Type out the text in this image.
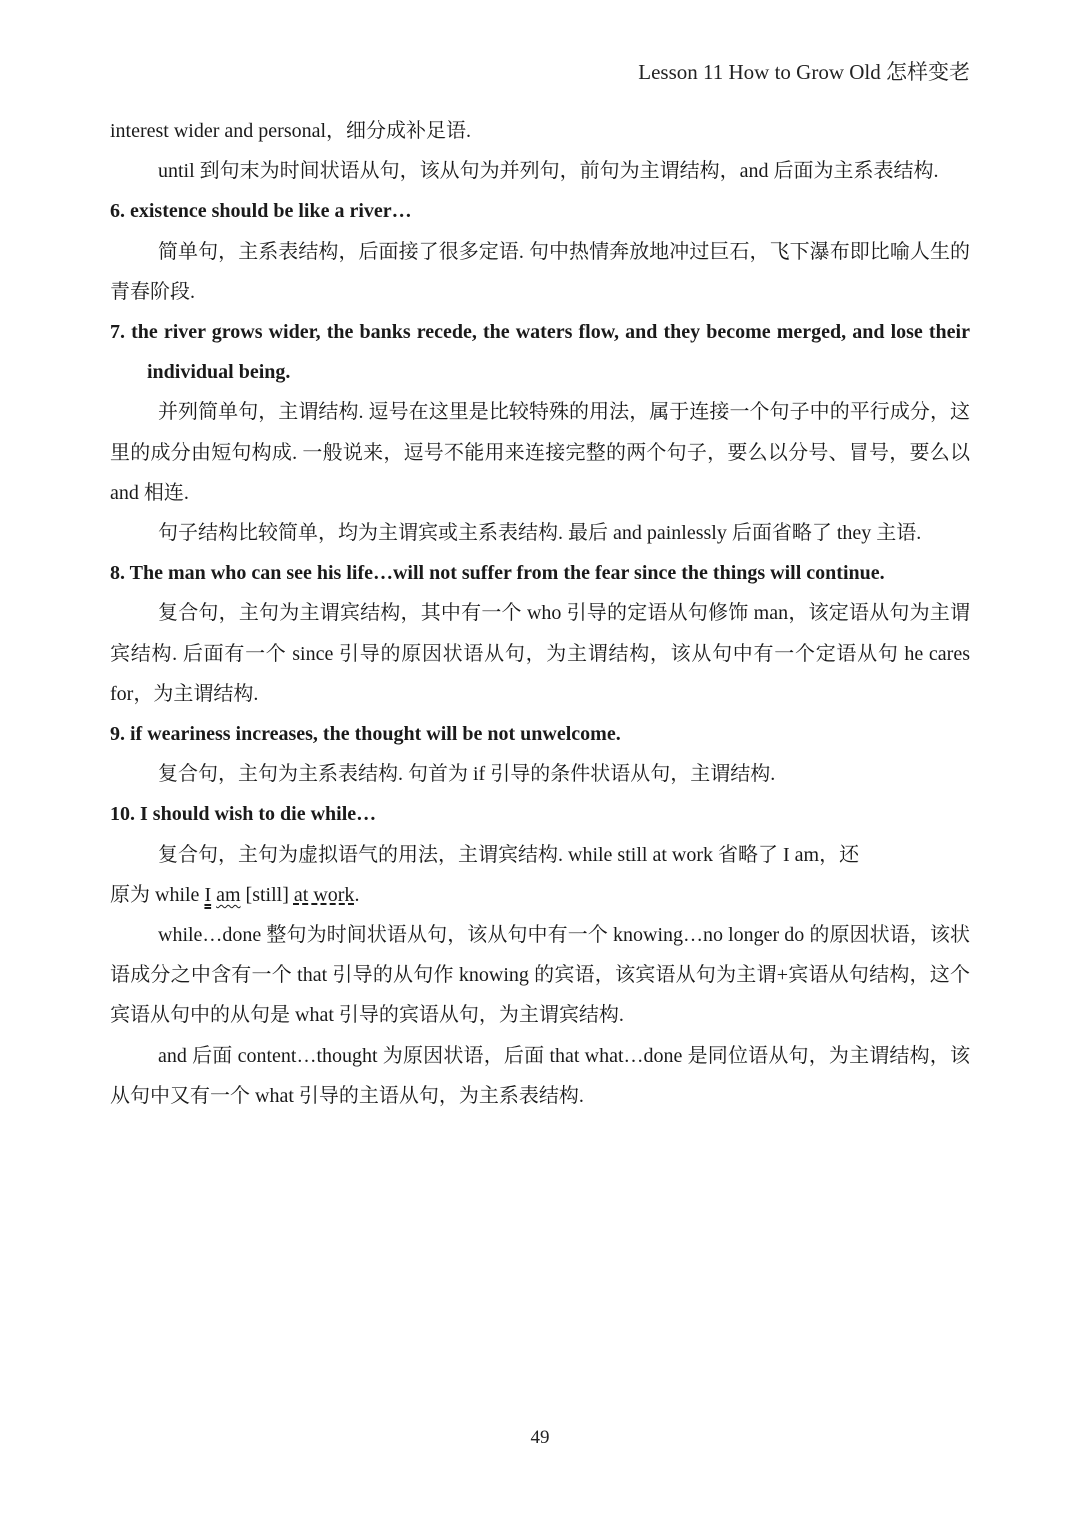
Lesson 11 How to Grow Old 怎样变老

interest wider and personal，细分成补足语.

until 到句末为时间状语从句，该从句为并列句，前句为主谓结构，and 后面为主系表结构.

6. existence should be like a river…

简单句，主系表结构，后面接了很多定语. 句中热情奔放地冲过巨石，飞下瀑布即比喻人生的青春阶段.

7. the river grows wider, the banks recede, the waters flow, and they become merged, and lose their individual being.

并列简单句，主谓结构. 逗号在这里是比较特殊的用法，属于连接一个句子中的平行成分，这里的成分由短句构成. 一般说来，逗号不能用来连接完整的两个句子，要么以分号、冒号，要么以 and 相连.

句子结构比较简单，均为主谓宾或主系表结构. 最后 and painlessly 后面省略了 they 主语.

8. The man who can see his life…will not suffer from the fear since the things will continue.

复合句，主句为主谓宾结构，其中有一个 who 引导的定语从句修饰 man，该定语从句为主谓宾结构. 后面有一个 since 引导的原因状语从句，为主谓结构，该从句中有一个定语从句 he cares for，为主谓结构.

9. if weariness increases, the thought will be not unwelcome.

复合句，主句为主系表结构. 句首为 if 引导的条件状语从句，主谓结构.

10. I should wish to die while…

复合句，主句为虚拟语气的用法，主谓宾结构. while still at work 省略了 I am，还
原为 while I am [still] at work.

while…done 整句为时间状语从句，该从句中有一个 knowing…no longer do 的原因状语，该状语成分之中含有一个 that 引导的从句作 knowing 的宾语，该宾语从句为主谓+宾语从句结构，这个宾语从句中的从句是 what 引导的宾语从句，为主谓宾结构.

and 后面 content…thought 为原因状语，后面 that what…done 是同位语从句，为主谓结构，该从句中又有一个 what 引导的主语从句，为主系表结构.

49
